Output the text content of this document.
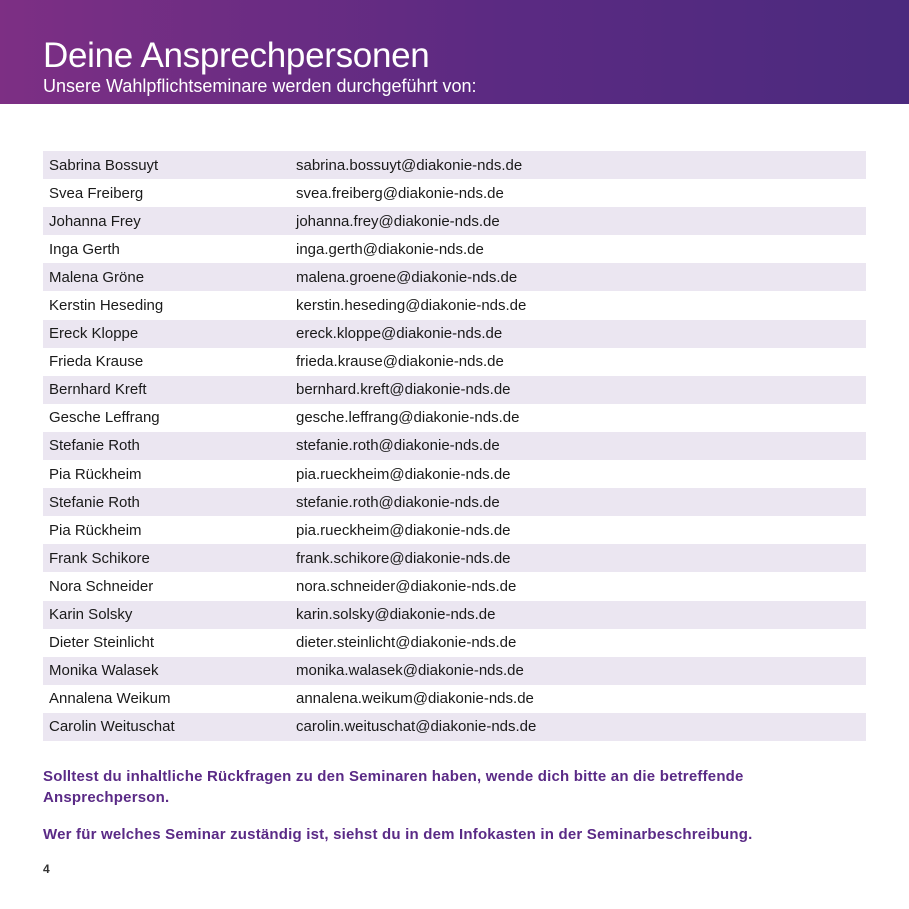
Deine Ansprechpersonen
Unsere Wahlpflichtseminare werden durchgeführt von:
Sabrina Bossuyt	sabrina.bossuyt@diakonie-nds.de
Svea Freiberg	svea.freiberg@diakonie-nds.de
Johanna Frey	johanna.frey@diakonie-nds.de
Inga Gerth	inga.gerth@diakonie-nds.de
Malena Gröne	malena.groene@diakonie-nds.de
Kerstin Heseding	kerstin.heseding@diakonie-nds.de
Ereck Kloppe	ereck.kloppe@diakonie-nds.de
Frieda Krause	frieda.krause@diakonie-nds.de
Bernhard Kreft	bernhard.kreft@diakonie-nds.de
Gesche Leffrang	gesche.leffrang@diakonie-nds.de
Stefanie Roth	stefanie.roth@diakonie-nds.de
Pia Rückheim	pia.rueckheim@diakonie-nds.de
Stefanie Roth	stefanie.roth@diakonie-nds.de
Pia Rückheim	pia.rueckheim@diakonie-nds.de
Frank Schikore	frank.schikore@diakonie-nds.de
Nora Schneider	nora.schneider@diakonie-nds.de
Karin Solsky	karin.solsky@diakonie-nds.de
Dieter Steinlicht	dieter.steinlicht@diakonie-nds.de
Monika Walasek	monika.walasek@diakonie-nds.de
Annalena Weikum	annalena.weikum@diakonie-nds.de
Carolin Weituschat	carolin.weituschat@diakonie-nds.de

Solltest du inhaltliche Rückfragen zu den Seminaren haben, wende dich bitte an die betreffende Ansprechperson.

Wer für welches Seminar zuständig ist, siehst du in dem Infokasten in der Seminarbeschreibung.

4
